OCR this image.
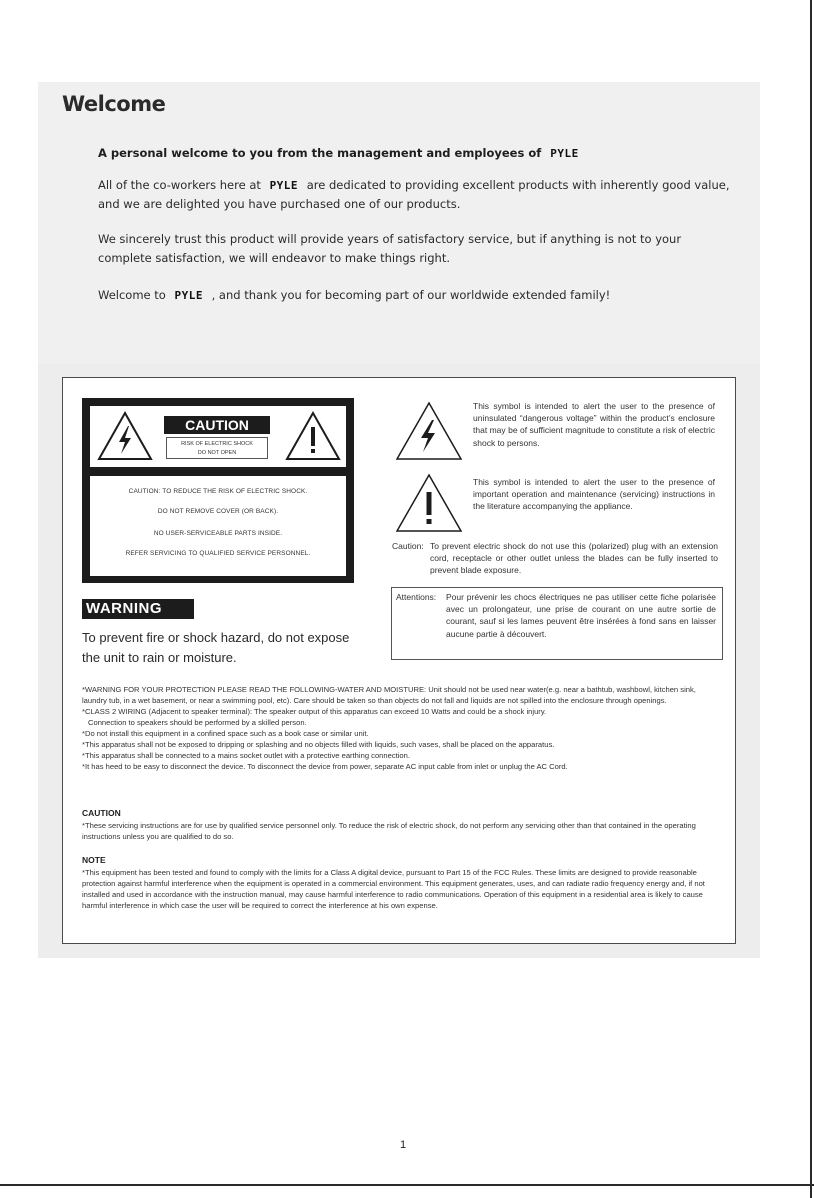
Welcome
A personal welcome to you from the management and employees of PYLE
All of the co-workers here at PYLE are dedicated to providing excellent products with inherently good value, and we are delighted you have purchased one of our products.
We sincerely trust this product will provide years of satisfactory service, but if anything is not to your complete satisfaction, we will endeavor to make things right.
Welcome to PYLE , and thank you for becoming part of our worldwide extended family!
CAUTION
RISK OF ELECTRIC SHOCK
DO NOT OPEN
CAUTION: TO REDUCE THE RISK OF ELECTRIC SHOCK.
DO NOT REMOVE COVER (OR BACK).
NO USER-SERVICEABLE PARTS INSIDE.
REFER SERVICING TO QUALIFIED SERVICE PERSONNEL.
WARNING
To prevent fire or shock hazard, do not expose the unit to rain or moisture.
This symbol is intended to alert the user to the presence of uninsulated “dangerous voltage” within the product’s enclosure that may be of sufficient magnitude to constitute a risk of electric shock to persons.
This symbol is intended to alert the user to the presence of important operation and maintenance (servicing) instructions in the literature accompanying the appliance.
Caution: To prevent electric shock do not use this (polarized) plug with an extension cord, receptacle or other outlet unless the blades can be fully inserted to prevent blade exposure.
Attentions: Pour prévenir les chocs électriques ne pas utiliser cette fiche polarisée avec un prolongateur, une prise de courant on une autre sortie de courant, sauf si les lames peuvent être insérées à fond sans en laisser aucune partie à découvert.

*WARNING FOR YOUR PROTECTION PLEASE READ THE FOLLOWING-WATER AND MOISTURE: Unit should not be used near water(e.g. near a bathtub, washbowl, kitchen sink, laundry tub, in a wet basement, or near a swimming pool, etc). Care should be taken so than objects do not fall and liquids are not spilled into the enclosure through openings.

*CLASS 2 WIRING (Adjacent to speaker terminal): The speaker output of this apparatus can exceed 10 Watts and could be a shock injury.

Connection to speakers should be performed by a skilled person.

*Do not install this equipment in a confined space such as a book case or similar unit.

*This apparatus shall not be exposed to dripping or splashing and no objects filled with liquids, such vases, shall be placed on the apparatus.

*This apparatus shall be connected to a mains socket outlet with a protective earthing connection.

*It has heed to be easy to disconnect the device. To disconnect the device from power, separate AC input cable from inlet or unplug the AC Cord.

CAUTION
*These servicing instructions are for use by qualified service personnel only. To reduce the risk of electric shock, do not perform any servicing other than that contained in the operating instructions unless you are qualified to do so.
NOTE
*This equipment has been tested and found to comply with the limits for a Class A digital device, pursuant to Part 15 of the FCC Rules. These limits are designed to provide reasonable protection against harmful interference when the equipment is operated in a commercial environment. This equipment generates, uses, and can radiate radio frequency energy and, if not installed and used in accordance with the instruction manual, may cause harmful interference to radio communications. Operation of this equipment in a residential area is likely to cause harmful interference in which case the user will be required to correct the interference at his own expense.
1
